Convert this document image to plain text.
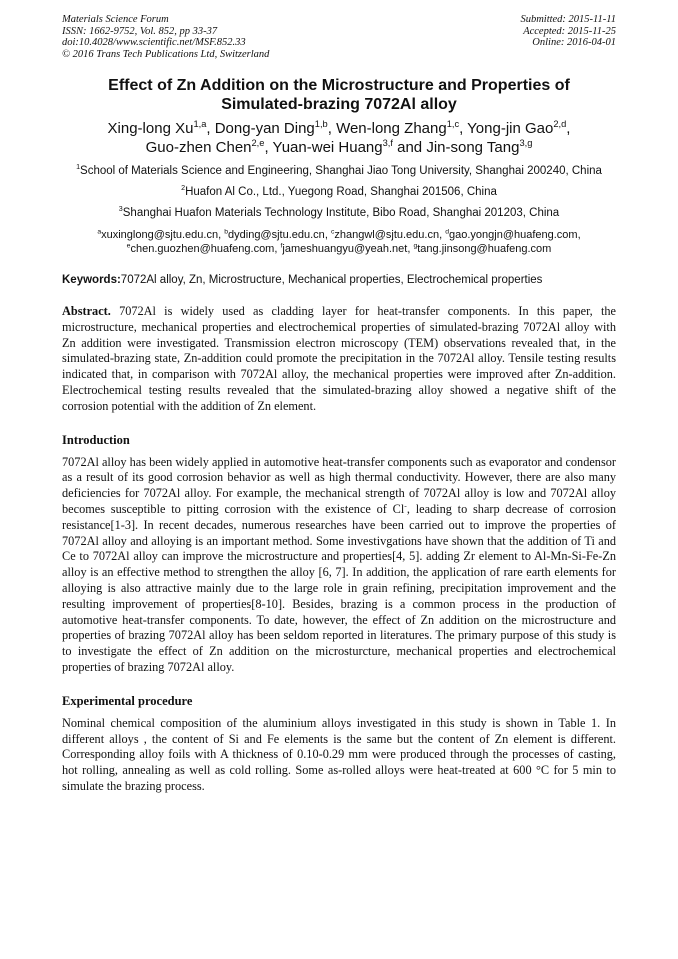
Materials Science Forum
ISSN: 1662-9752, Vol. 852, pp 33-37
doi:10.4028/www.scientific.net/MSF.852.33
© 2016 Trans Tech Publications Ltd, Switzerland
Submitted: 2015-11-11
Accepted: 2015-11-25
Online: 2016-04-01
Effect of Zn Addition on the Microstructure and Properties of Simulated-brazing 7072Al alloy
Xing-long Xu$^{1,a}$, Dong-yan Ding$^{1,b}$, Wen-long Zhang$^{1,c}$, Yong-jin Gao$^{2,d}$,
Guo-zhen Chen$^{2,e}$, Yuan-wei Huang$^{3,f}$ and Jin-song Tang$^{3,g}$
$^1$School of Materials Science and Engineering, Shanghai Jiao Tong University, Shanghai 200240, China
$^2$Huafon Al Co., Ltd., Yuegong Road, Shanghai 201506, China
$^3$Shanghai Huafon Materials Technology Institute, Bibo Road, Shanghai 201203, China
$^a$xuxinglong@sjtu.edu.cn, $^b$dyding@sjtu.edu.cn, $^c$zhangwl@sjtu.edu.cn, $^d$gao.yongjn@huafeng.com,
$^e$chen.guozhen@huafeng.com, $^f$jameshuangyu@yeah.net, $^g$tang.jinsong@huafeng.com
Keywords:7072Al alloy, Zn, Microstructure, Mechanical properties, Electrochemical properties

Abstract. 7072Al is widely used as cladding layer for heat-transfer components. In this paper, the microstructure, mechanical properties and electrochemical properties of simulated-brazing 7072Al alloy with Zn addition were investigated. Transmission electron microscopy (TEM) observations revealed that, in the simulated-brazing state, Zn-addition could promote the precipitation in the 7072Al alloy. Tensile testing results indicated that, in comparison with 7072Al alloy, the mechanical properties were improved after Zn-addition. Electrochemical testing results revealed that the simulated-brazing alloy showed a negative shift of the corrosion potential with the addition of Zn element.

Introduction

7072Al alloy has been widely applied in automotive heat-transfer components such as evaporator and condensor as a result of its good corrosion behavior as well as high thermal conductivity. However, there are also many deficiencies for 7072Al alloy. For example, the mechanical strength of 7072Al alloy is low and 7072Al alloy becomes susceptible to pitting corrosion with the existence of Cl-, leading to sharp decrease of corrosion resistance[1-3]. In recent decades, numerous researches have been carried out to improve the properties of 7072Al alloy and alloying is an important method. Some investivgations have shown that the addition of Ti and Ce to 7072Al alloy can improve the microstructure and properties[4, 5]. adding Zr element to Al-Mn-Si-Fe-Zn alloy is an effective method to strengthen the alloy [6, 7]. In addition, the application of rare earth elements for alloying is also attractive mainly due to the large role in grain refining, precipitation improvement and the resulting improvement of properties[8-10]. Besides, brazing is a common process in the production of automotive heat-transfer components. To date, however, the effect of Zn addition on the microstructure and properties of brazing 7072Al alloy has been seldom reported in literatures. The primary purpose of this study is to investigate the effect of Zn addition on the microsturcture, mechanical properties and electrochemical properties of brazing 7072Al alloy.

Experimental procedure

Nominal chemical composition of the aluminium alloys investigated in this study is shown in Table 1. In different alloys , the content of Si and Fe elements is the same but the content of Zn element is different. Corresponding alloy foils with A thickness of 0.10-0.29 mm were produced through the processes of casting, hot rolling, annealing as well as cold rolling. Some as-rolled alloys were heat-treated at 600 °C for 5 min to simulate the brazing process.
